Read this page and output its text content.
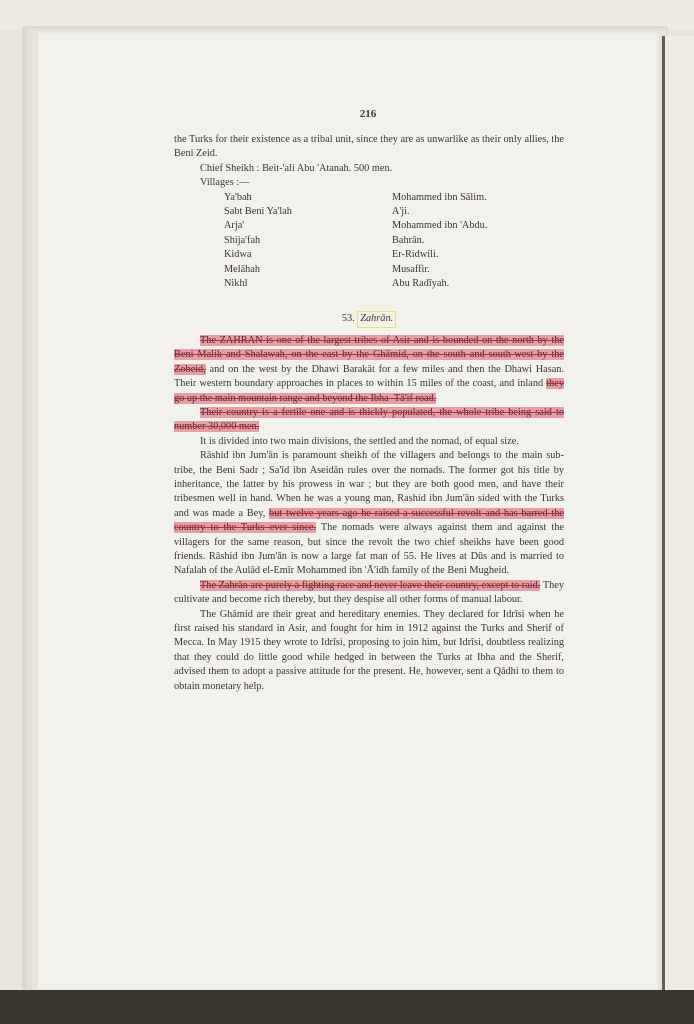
216

the Turks for their existence as a tribal unit, since they are as unwarlike as their only allies, the Beni Zeid.

Chief Sheikh : Beit-'ali Abu 'Atanah. 500 men.

Villages :—

Ya'bah	Mohammed ibn Sālim.
Sabt Beni Ya'lah	A'ji.
Arja'	Mohammed ibn 'Abdu.
Shija'fah	Bahrān.
Kidwa	Er-Ridwili.
Melāhah	Musaffir.
Nikhl	Abu Radīyah.
53. Zahrān.

The ZAHRAN is one of the largest tribes of Asir and is bounded on the north by the Beni Malik and Shalawah, on the east by the Ghāmid, on the south and south-west by the Zobeid, and on the west by the Dhawi Barakāt for a few miles and then the Dhawi Hasan. Their western boundary approaches in places to within 15 miles of the coast, and inland they go up the main mountain range and beyond the Ibha–Tā'if road.

Their country is a fertile one and is thickly populated, the whole tribe being said to number 30,000 men.

It is divided into two main divisions, the settled and the nomad, of equal size.

Rāshid ibn Jum'ān is paramount sheikh of the villagers and belongs to the main sub-tribe, the Beni Sadr ; Sa'īd ibn Aseidān rules over the nomads. The former got his title by inheritance, the latter by his prowess in war ; but they are both good men, and have their tribesmen well in hand. When he was a young man, Rashid ibn Jum'ān sided with the Turks and was made a Bey, but twelve years ago he raised a successful revolt and has barred the country to the Turks ever since. The nomads were always against them and against the villagers for the same reason, but since the revolt the two chief sheikhs have been good friends. Rāshid ibn Jum'ān is now a large fat man of 55. He lives at Dūs and is married to Nafalah of the Aulād el-Emīr Mohammed ibn 'Ā'idh family of the Beni Mugheid.

The Zahrān are purely a fighting race and never leave their country, except to raid. They cultivate and become rich thereby, but they despise all other forms of manual labour.

The Ghāmid are their great and hereditary enemies. They declared for Idrīsi when he first raised his standard in Asir, and fought for him in 1912 against the Turks and Sherif of Mecca. In May 1915 they wrote to Idrīsi, proposing to join him, but Idrīsi, doubtless realizing that they could do little good while hedged in between the Turks at Ibha and the Sherif, advised them to adopt a passive attitude for the present. He, however, sent a Qādhi to them to obtain monetary help.
